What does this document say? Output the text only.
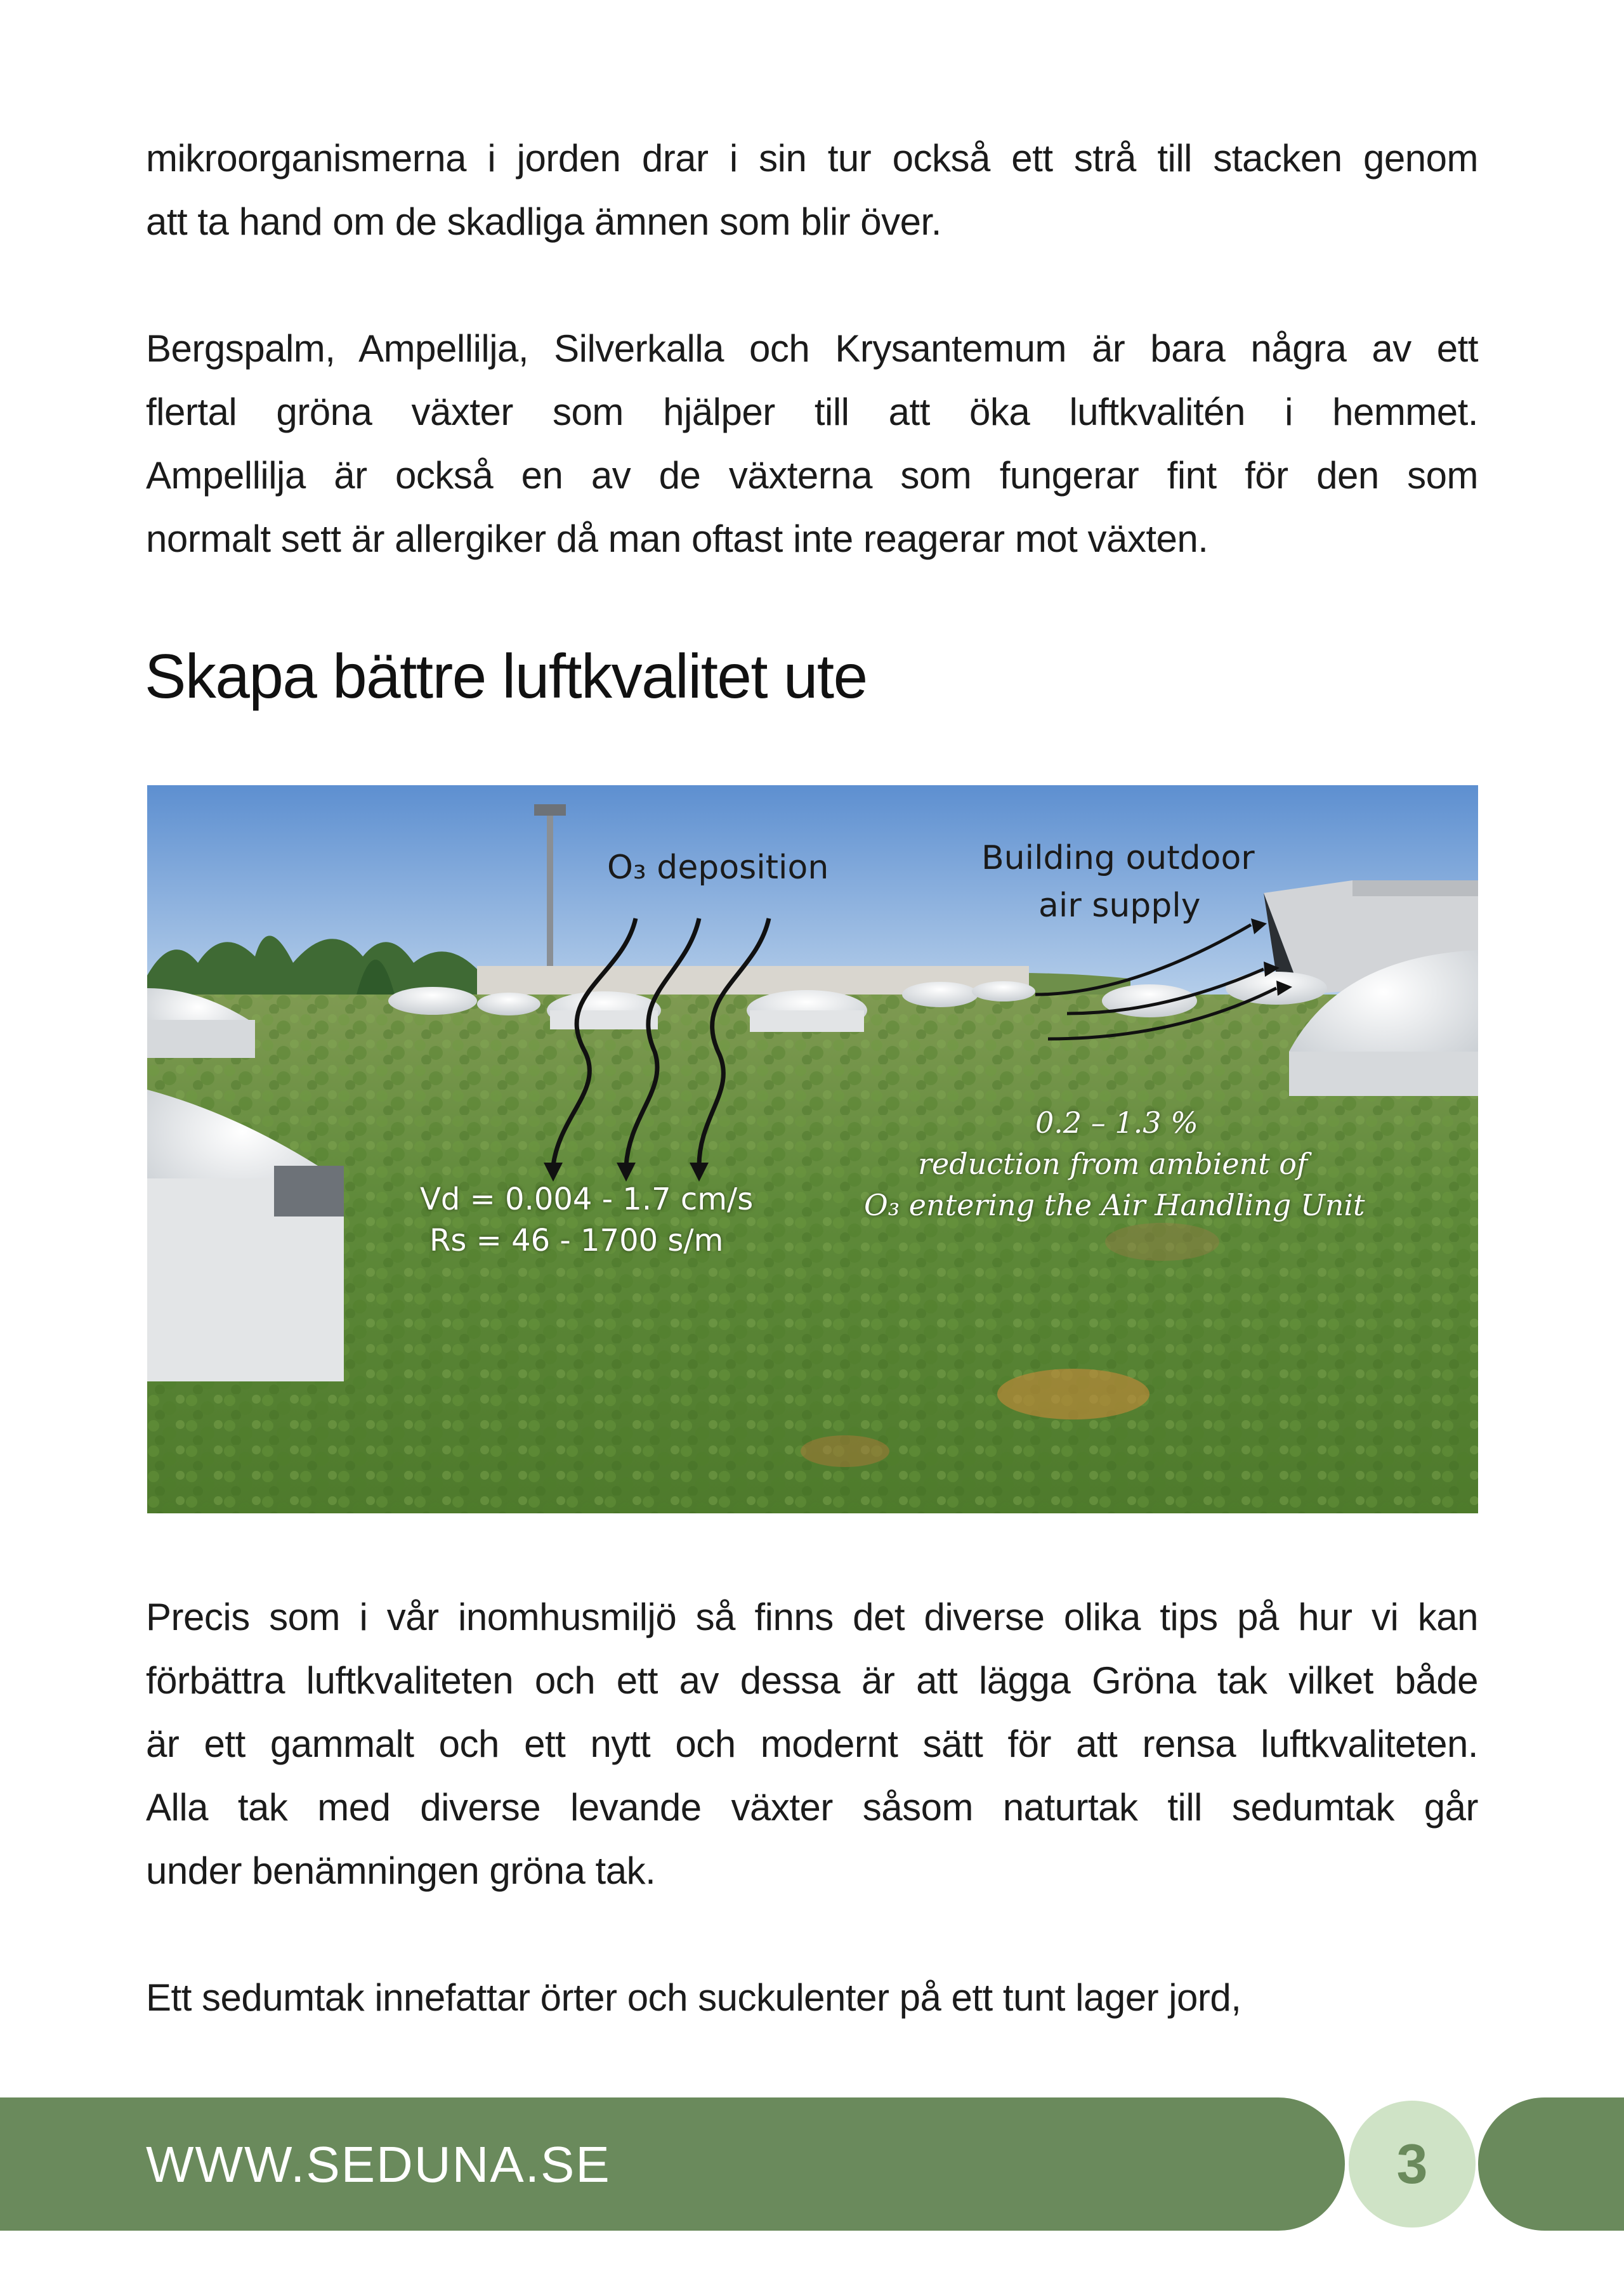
mikroorganismerna i jorden drar i sin tur också ett strå till stacken genom
att ta hand om de skadliga ämnen som blir över.
Bergspalm, Ampellilja, Silverkalla och Krysantemum är bara några av ett
flertal gröna växter som hjälper till att öka luftkvalitén i hemmet.
Ampellilja är också en av de växterna som fungerar fint för den som
normalt sett är allergiker då man oftast inte reagerar mot växten.
Skapa bättre luftkvalitet ute

O₃ deposition	Building outdoor

air supply

Vd = 0.004 - 1.7 cm/s

Rs = 46 - 1700 s/m

0.2 – 1.3 %

reduction from ambient of

O₃ entering the Air Handling Unit

Precis som i vår inomhusmiljö så finns det diverse olika tips på hur vi kan
förbättra luftkvaliteten och ett av dessa är att lägga Gröna tak vilket både
är ett gammalt och ett nytt och modernt sätt för att rensa luftkvaliteten.
Alla tak med diverse levande växter såsom naturtak till sedumtak går
under benämningen gröna tak.
Ett sedumtak innefattar örter och suckulenter på ett tunt lager jord,
WWW.SEDUNA.SE	3
